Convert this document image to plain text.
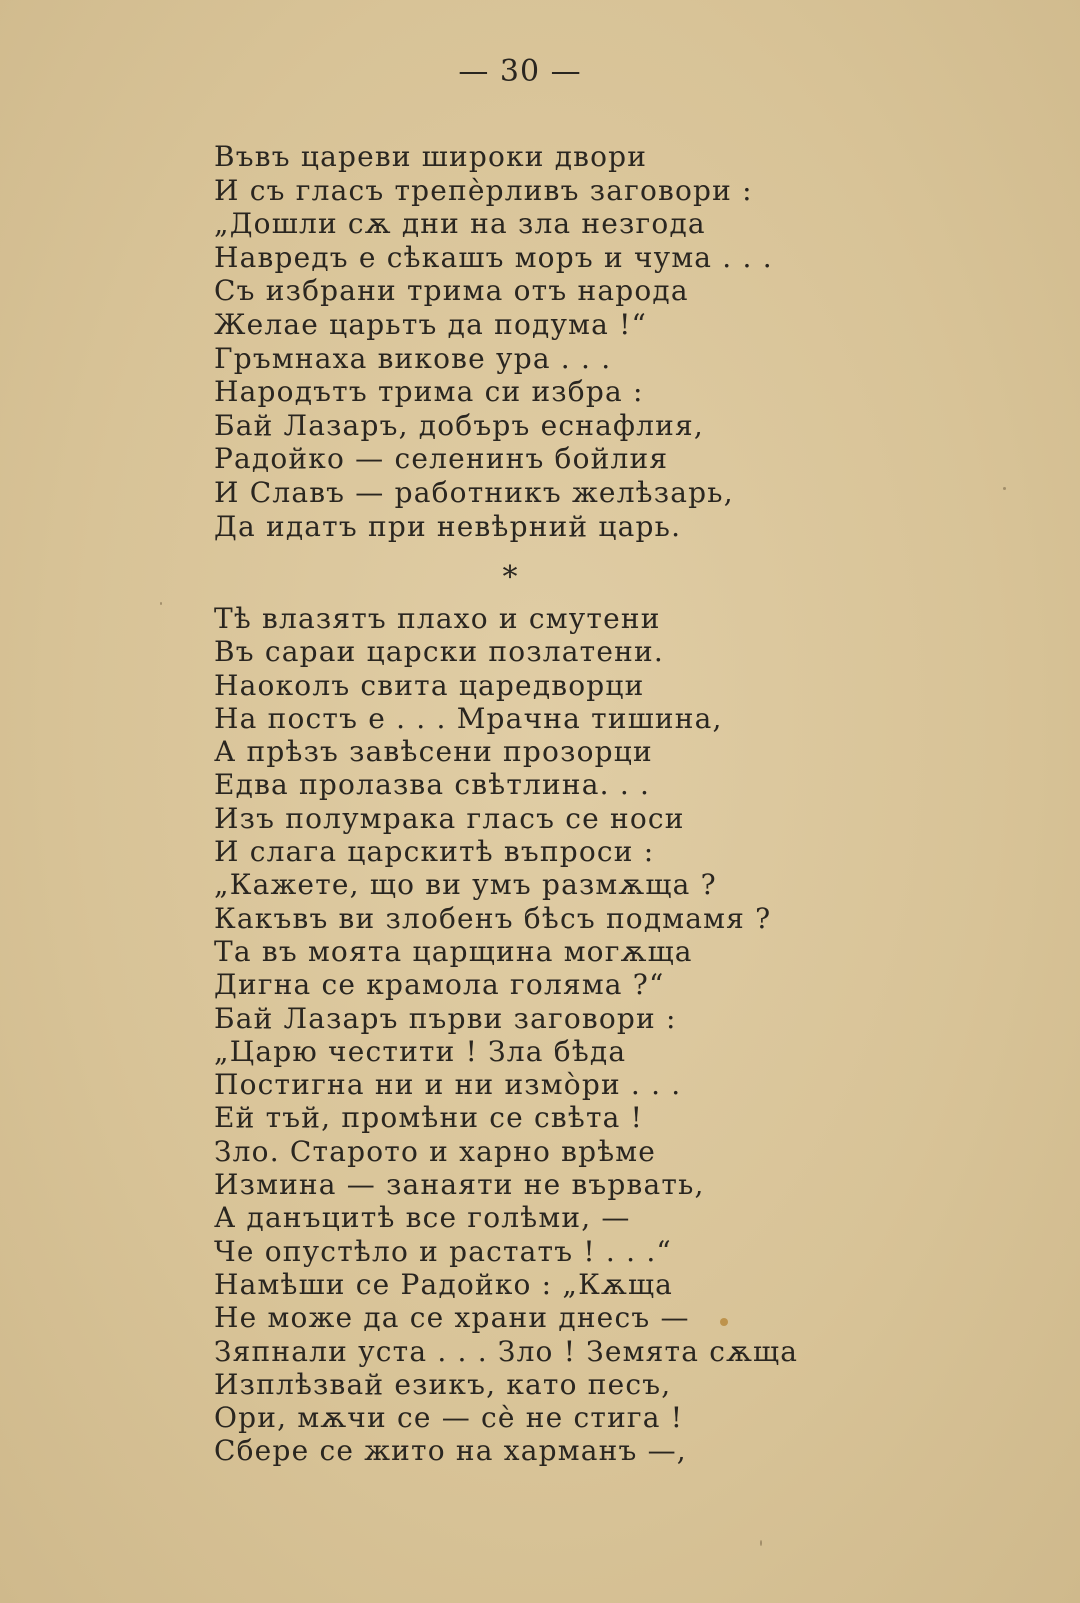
— 30 —
Въвъ цареви широки двори
И съ гласъ трепѐрливъ заговори :
„Дошли сѫ дни на зла незгода
Навредъ е сѣкашъ моръ и чума . . .
Съ избрани трима отъ народа
Желае царьтъ да подума !“
Гръмнаха викове ура . . .
Народътъ трима си избра :
Бай Лазаръ, добъръ еснафлия,
Радойко — селенинъ бойлия
И Славъ — работникъ желѣзарь,
Да идатъ при невѣрний царь.
*
Тѣ влазятъ плахо и смутени
Въ сараи царски позлатени.
Наоколъ свита царедворци
На постъ е . . . Мрачна тишина,
А прѣзъ завѣсени прозорци
Едва пролазва свѣтлина. . .
Изъ полумрака гласъ се носи
И слага царскитѣ въпроси :
„Кажете, що ви умъ размѫща ?
Какъвъ ви злобенъ бѣсъ подмамя ?
Та въ моята царщина могѫща
Дигна се крамола голяма ?“
Бай Лазаръ първи заговори :
„Царю честити ! Зла бѣда
Постигна ни и ни измòри . . .
Ей тъй, промѣни се свѣта !
Зло. Старото и харно врѣме
Измина — занаяти не вървать,
А данъцитѣ все голѣми, —
Че опустѣло и растатъ ! . . .“
Намѣши се Радойко : „Кѫща
Не може да се храни днесъ —
Зяпнали уста . . . Зло ! Земята сѫща
Изплѣзвай езикъ, като песъ,
Ори, мѫчи се — сѐ не стига !
Сбере се жито на харманъ —,
